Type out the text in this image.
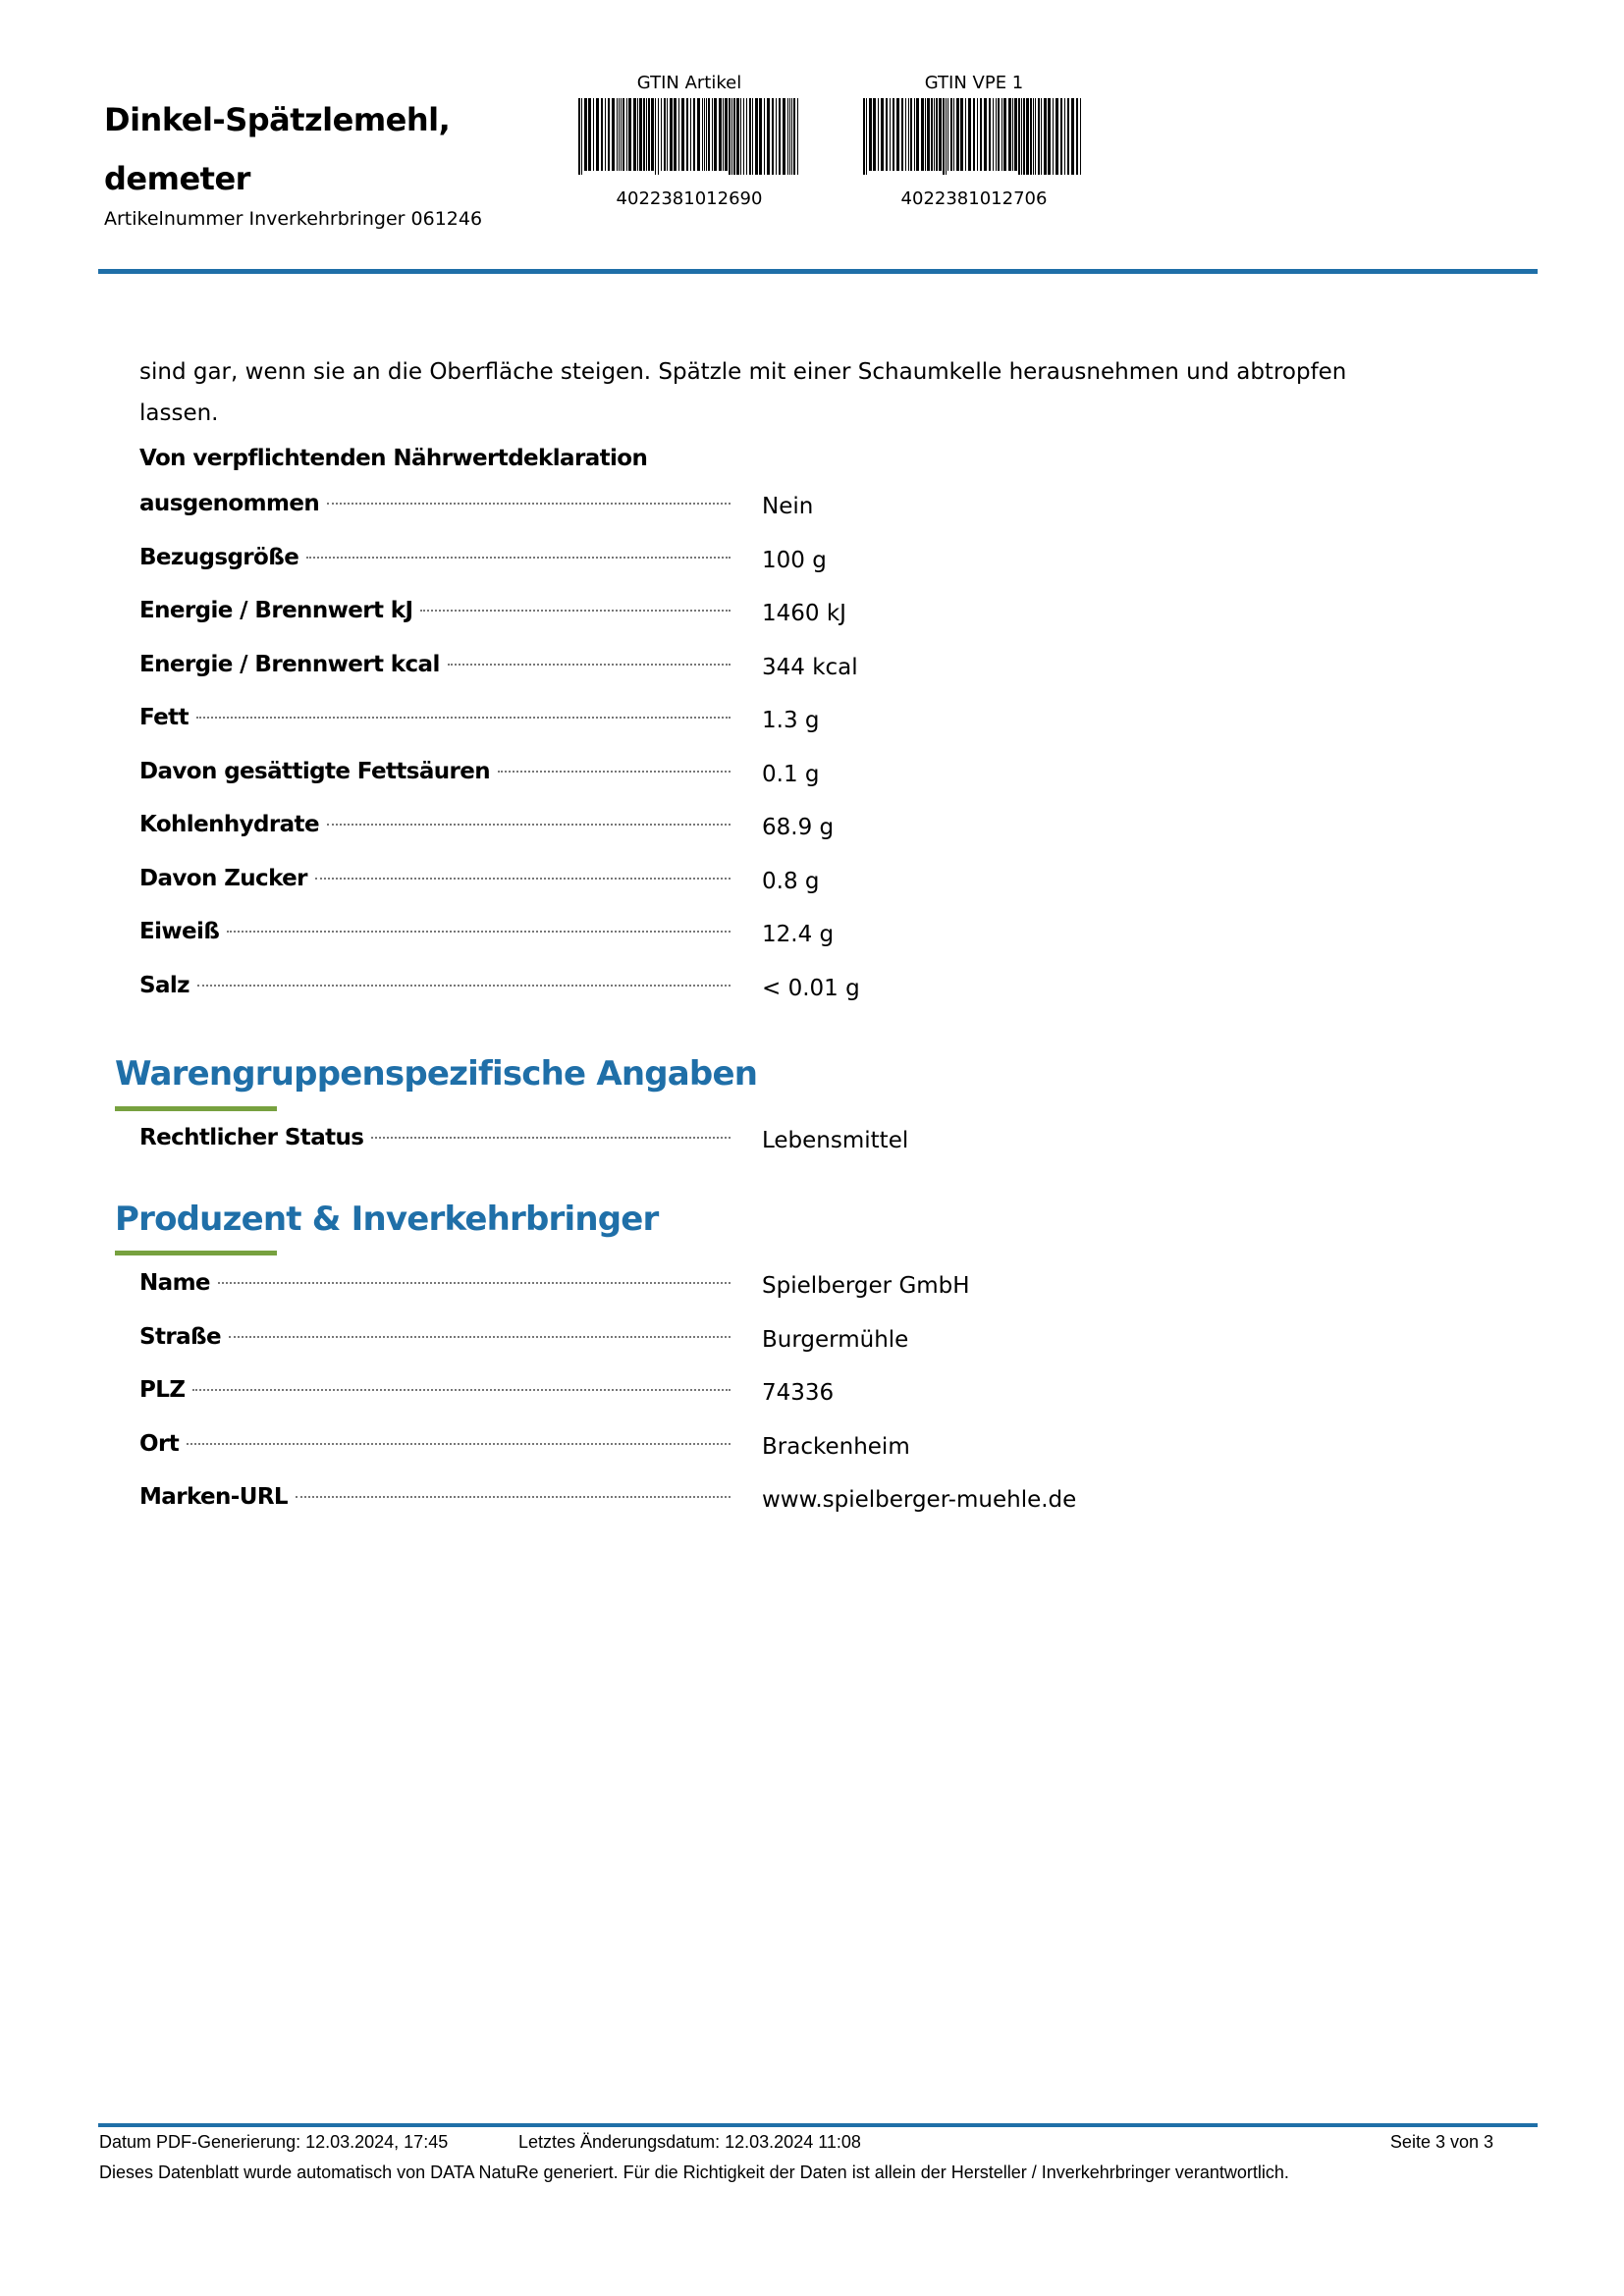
Dinkel-Spätzlemehl, demeter
Artikelnummer Inverkehrbringer 061246
GTIN Artikel
4022381012690
GTIN VPE 1
4022381012706
sind gar, wenn sie an die Oberfläche steigen. Spätzle mit einer Schaumkelle herausnehmen und abtropfen lassen.
Von verpflichtenden Nährwertdeklaration
ausgenommen	Nein
Bezugsgröße	100 g
Energie / Brennwert kJ	1460 kJ
Energie / Brennwert kcal	344 kcal
Fett	1.3 g
Davon gesättigte Fettsäuren	0.1 g
Kohlenhydrate	68.9 g
Davon Zucker	0.8 g
Eiweiß	12.4 g
Salz	< 0.01 g
Warengruppenspezifische Angaben
Rechtlicher Status	Lebensmittel
Produzent & Inverkehrbringer
Name	Spielberger GmbH
Straße	Burgermühle
PLZ	74336
Ort	Brackenheim
Marken-URL	www.spielberger-muehle.de
Datum PDF-Generierung: 12.03.2024, 17:45	Letztes Änderungsdatum: 12.03.2024 11:08	Seite 3 von 3
Dieses Datenblatt wurde automatisch von DATA NatuRe generiert. Für die Richtigkeit der Daten ist allein der Hersteller / Inverkehrbringer verantwortlich.
